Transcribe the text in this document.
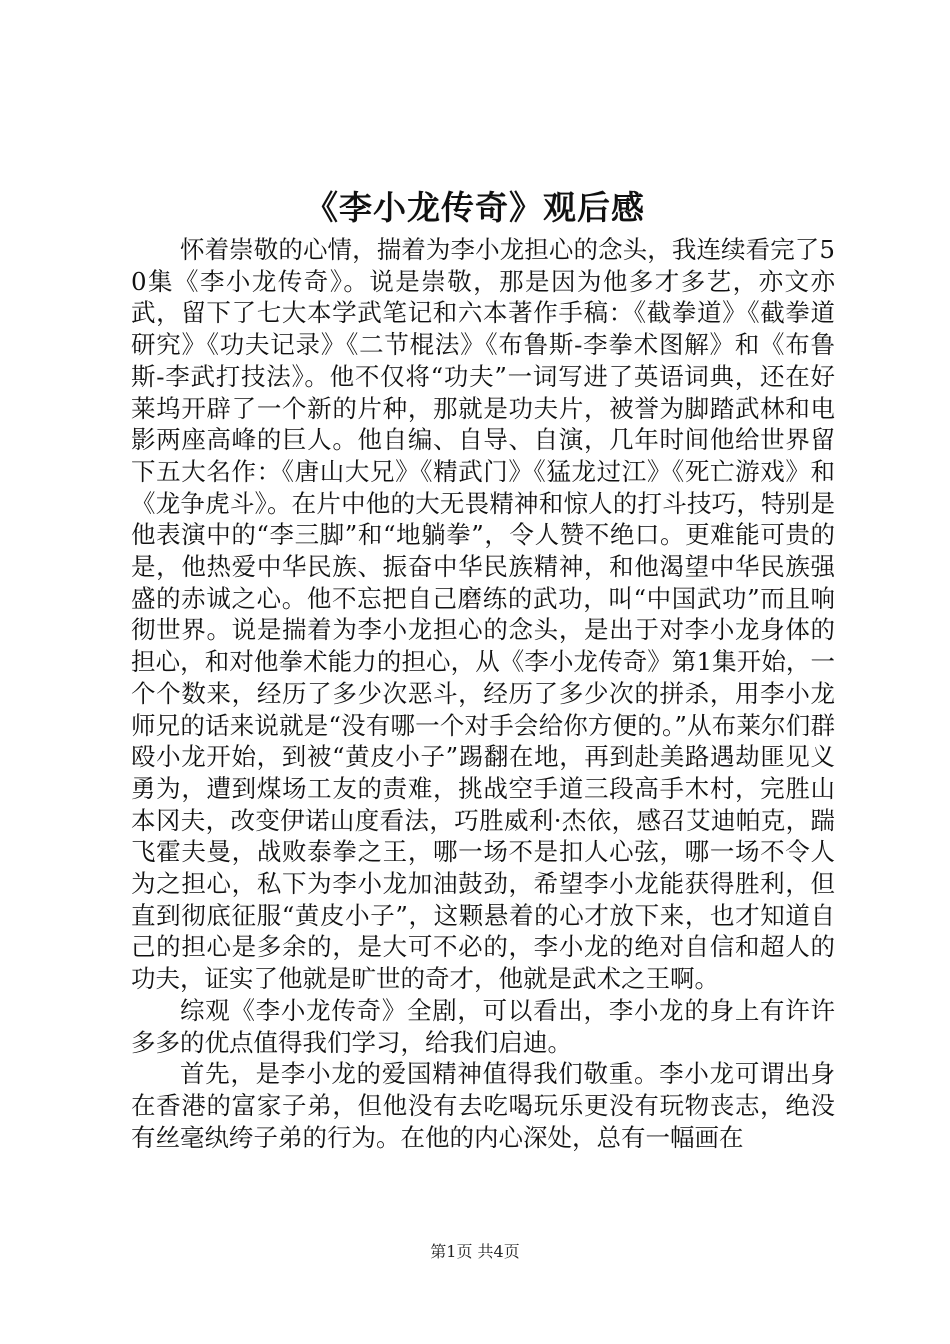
《李小龙传奇》观后感

怀着崇敬的心情，揣着为李小龙担心的念头，我连续看完了50集《李小龙传奇》。说是崇敬，那是因为他多才多艺，亦文亦武，留下了七大本学武笔记和六本著作手稿：《截拳道》《截拳道研究》《功夫记录》《二节棍法》《布鲁斯-李拳术图解》和《布鲁斯-李武打技法》。他不仅将“功夫”一词写进了英语词典，还在好莱坞开辟了一个新的片种，那就是功夫片，被誉为脚踏武林和电影两座高峰的巨人。他自编、自导、自演，几年时间他给世界留下五大名作：《唐山大兄》《精武门》《猛龙过江》《死亡游戏》和《龙争虎斗》。在片中他的大无畏精神和惊人的打斗技巧，特别是他表演中的“李三脚”和“地躺拳”，令人赞不绝口。更难能可贵的是，他热爱中华民族、振奋中华民族精神，和他渴望中华民族强盛的赤诚之心。他不忘把自己磨练的武功，叫“中国武功”而且响彻世界。说是揣着为李小龙担心的念头，是出于对李小龙身体的担心，和对他拳术能力的担心，从《李小龙传奇》第1集开始，一个个数来，经历了多少次恶斗，经历了多少次的拼杀，用李小龙师兄的话来说就是“没有哪一个对手会给你方便的。”从布莱尔们群殴小龙开始，到被“黄皮小子”踢翻在地，再到赴美路遇劫匪见义勇为，遭到煤场工友的责难，挑战空手道三段高手木村，完胜山本冈夫，改变伊诺山度看法，巧胜威利·杰依，感召艾迪帕克，踹飞霍夫曼，战败泰拳之王，哪一场不是扣人心弦，哪一场不令人为之担心，私下为李小龙加油鼓劲，希望李小龙能获得胜利，但直到彻底征服“黄皮小子”，这颗悬着的心才放下来，也才知道自己的担心是多余的，是大可不必的，李小龙的绝对自信和超人的功夫，证实了他就是旷世的奇才，他就是武术之王啊。

综观《李小龙传奇》全剧，可以看出，李小龙的身上有许许多多的优点值得我们学习，给我们启迪。

首先，是李小龙的爱国精神值得我们敬重。李小龙可谓出身在香港的富家子弟，但他没有去吃喝玩乐更没有玩物丧志，绝没有丝毫纨绔子弟的行为。在他的内心深处，总有一幅画在

第1页 共4页
